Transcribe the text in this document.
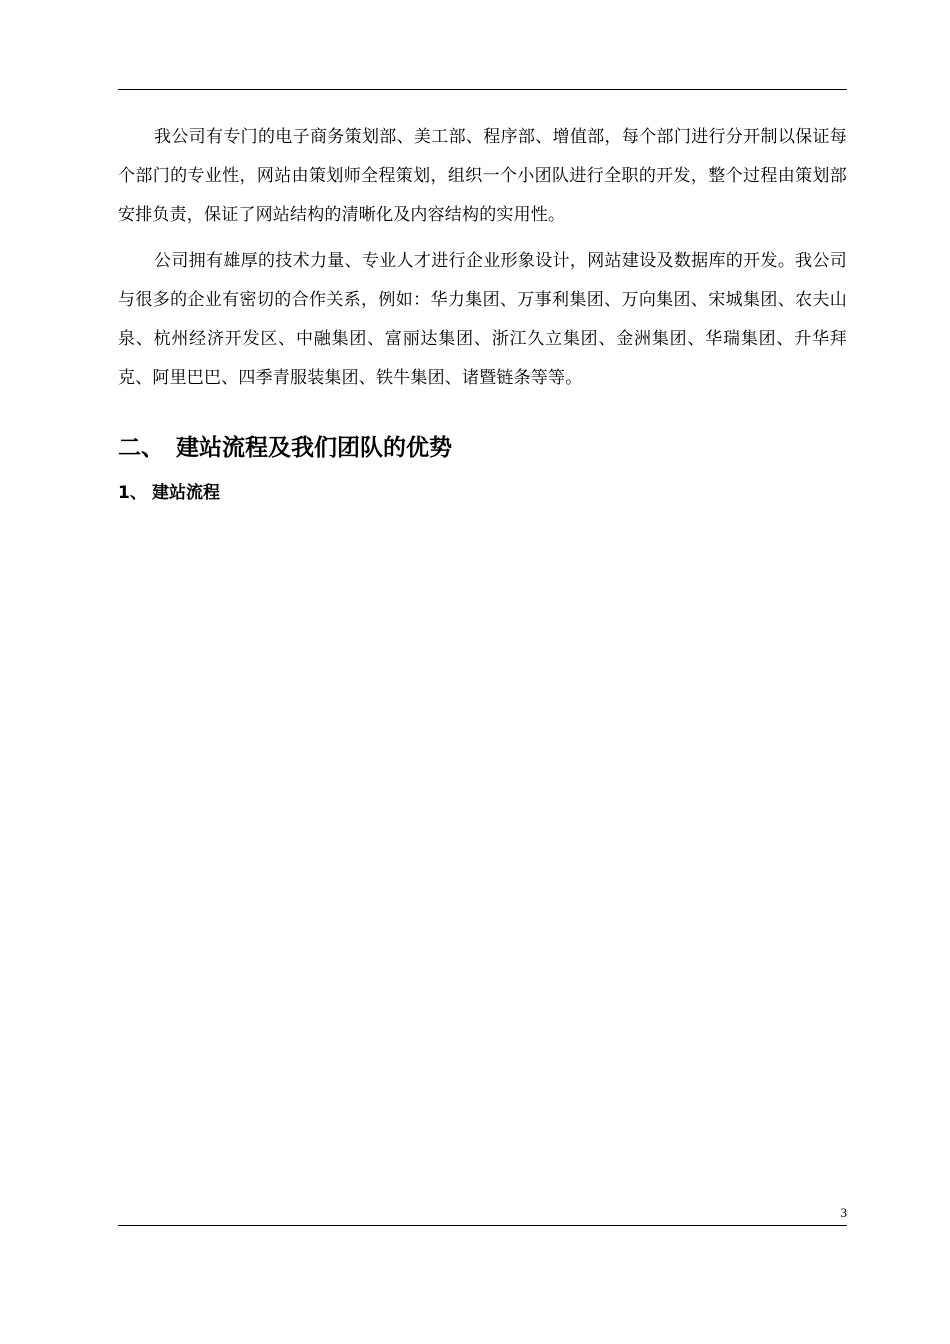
我公司有专门的电子商务策划部、美工部、程序部、增值部，每个部门进行分开制以保证每个部门的专业性，网站由策划师全程策划，组织一个小团队进行全职的开发，整个过程由策划部安排负责，保证了网站结构的清晰化及内容结构的实用性。

公司拥有雄厚的技术力量、专业人才进行企业形象设计，网站建设及数据库的开发。我公司与很多的企业有密切的合作关系，例如：华力集团、万事利集团、万向集团、宋城集团、农夫山泉、杭州经济开发区、中融集团、富丽达集团、浙江久立集团、金洲集团、华瑞集团、升华拜克、阿里巴巴、四季青服装集团、铁牛集团、诸暨链条等等。

二、 建站流程及我们团队的优势
1、 建站流程
3
